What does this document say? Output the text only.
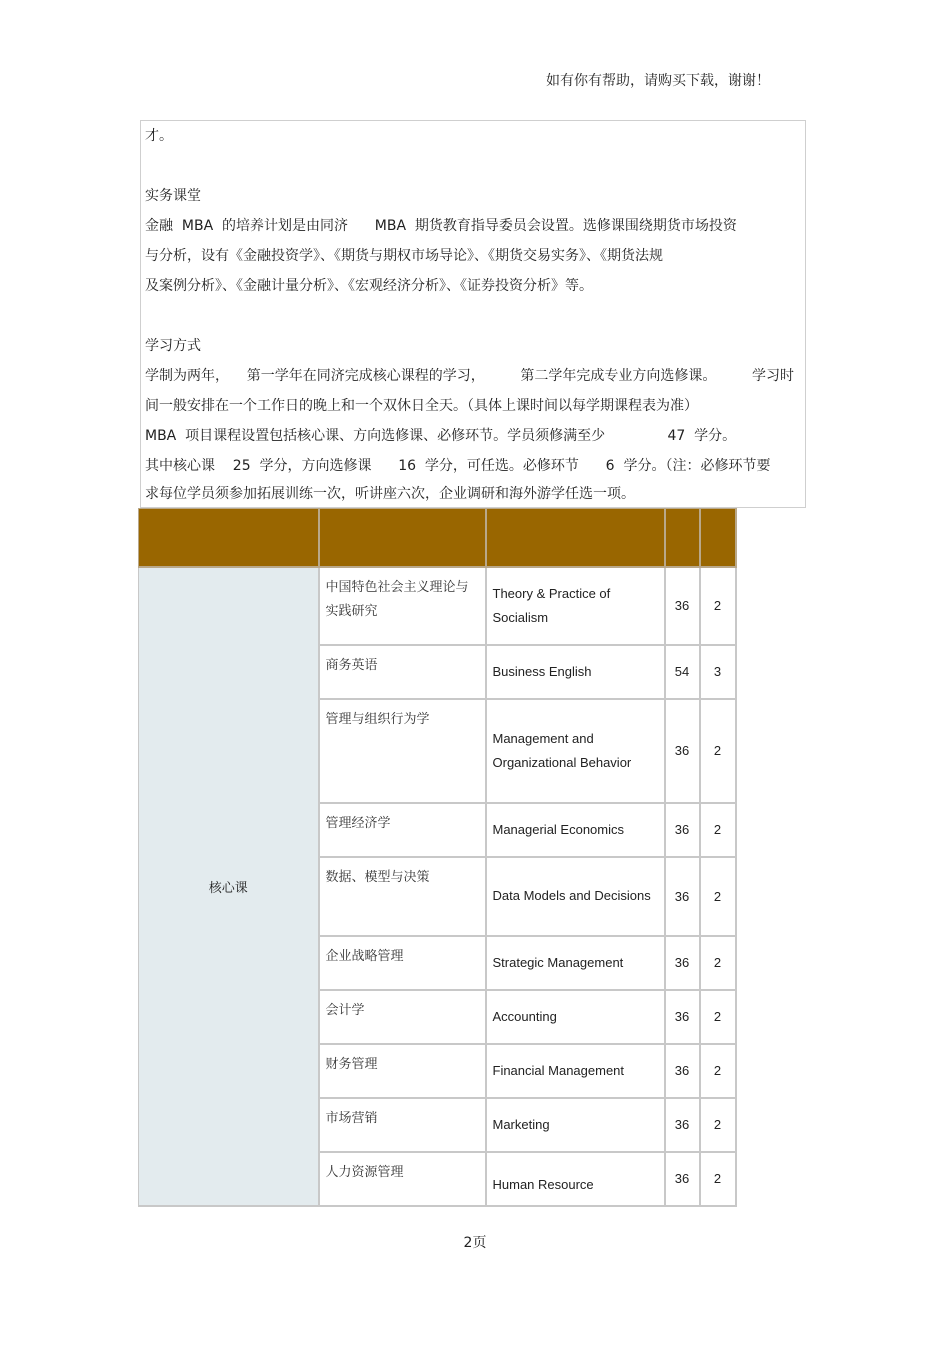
如有你有帮助，请购买下载，谢谢！
才。
实务课堂
金融  MBA  的培养计划是由同济      MBA  期货教育指导委员会设置。选修课围绕期货市场投资
与分析，设有《金融投资学》、《期货与期权市场导论》、《期货交易实务》、《期货法规
及案例分析》、《金融计量分析》、《宏观经济分析》、《证券投资分析》等。
学习方式
学制为两年，    第一学年在同济完成核心课程的学习，        第二学年完成专业方向选修课。        学习时
间一般安排在一个工作日的晚上和一个双休日全天。（具体上课时间以每学期课程表为准）
MBA  项目课程设置包括核心课、方向选修课、必修环节。学员须修满至少              47  学分。
其中核心课    25  学分，方向选修课      16  学分，可任选。必修环节      6  学分。（注：必修环节要
求每位学员须参加拓展训练一次，听讲座六次，企业调研和海外游学任选一项。

核心课	中国特色社会主义理论与实践研究	Theory & Practice of Socialism	36	2
	商务英语	Business English	54	3
	管理与组织行为学	Management and Organizational Behavior	36	2
	管理经济学	Managerial Economics	36	2
	数据、模型与决策	Data Models and Decisions	36	2
	企业战略管理	Strategic Management	36	2
	会计学	Accounting	36	2
	财务管理	Financial Management	36	2
	市场营销	Marketing	36	2
	人力资源管理	Human Resource	36	2
2页
